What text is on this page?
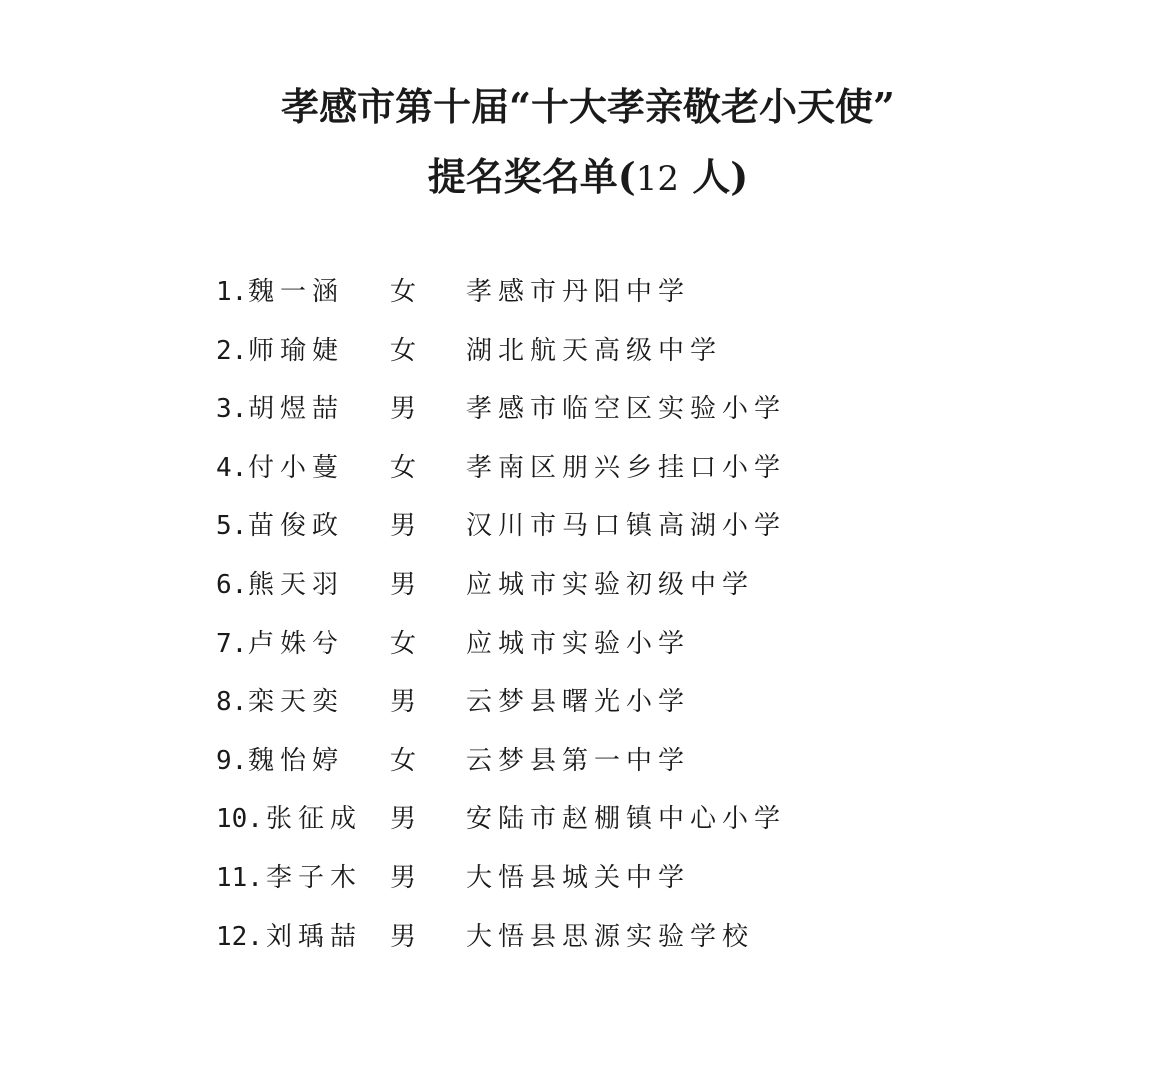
孝感市第十届“十大孝亲敬老小天使”
提名奖名单(12 人)
1. 魏一涵 女 孝感市丹阳中学
2. 师瑜婕 女 湖北航天高级中学
3. 胡煜喆 男 孝感市临空区实验小学
4. 付小蔓 女 孝南区朋兴乡挂口小学
5. 苗俊政 男 汉川市马口镇高湖小学
6. 熊天羽 男 应城市实验初级中学
7. 卢姝兮 女 应城市实验小学
8. 栾天奕 男 云梦县曙光小学
9. 魏怡婷 女 云梦县第一中学
10. 张征成 男 安陆市赵棚镇中心小学
11. 李子木 男 大悟县城关中学
12. 刘瑀喆 男 大悟县思源实验学校
